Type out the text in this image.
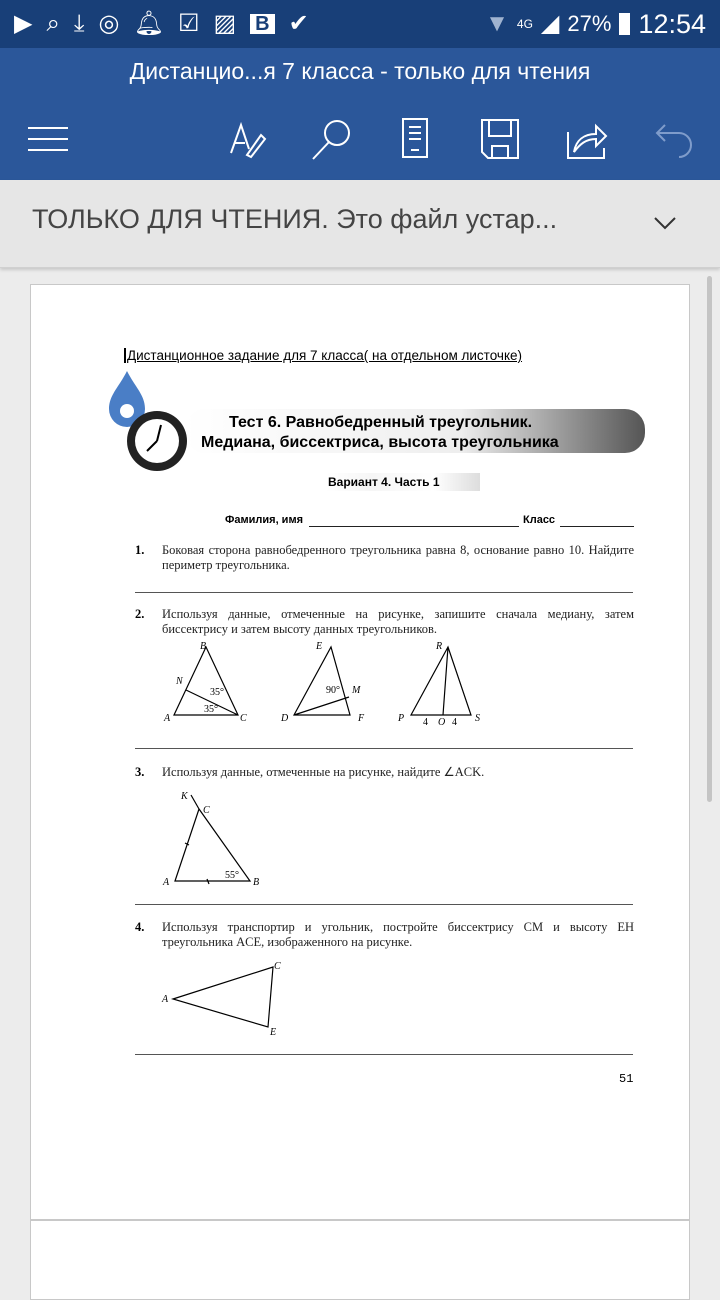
▶ ⌕ ⤓ ◎ 🔔︎ ☑ ▨ B ✔	▼ 4G ◢ 27% 12:54
Дистанцио...я 7 класса - только для чтения
ТОЛЬКО ДЛЯ ЧТЕНИЯ. Это файл устар...
Дистанционное задание для 7 класса( на отдельном листочке)
Тест 6. Равнобедренный треугольник.
Медиана, биссектриса, высота треугольника
Вариант 4. Часть 1
Фамилия, имя	Класс
1. Боковая сторона равнобедренного треугольника равна 8, основание равно 10. Найдите периметр треугольника.
2. Используя данные, отмеченные на рисунке, запишите сначала медиану, затем биссектрису и затем высоту данных треугольников.
B
N
A	C
35°
35°
E
M
D	F
90°
R
P	O	S
4 4
3. Используя данные, отмеченные на рисунке, найдите ∠ACK.
K
C
A	B
55°
4. Используя транспортир и угольник, постройте биссектрису CM и высоту EH треугольника ACE, изображенного на рисунке.
C
A
E
51
